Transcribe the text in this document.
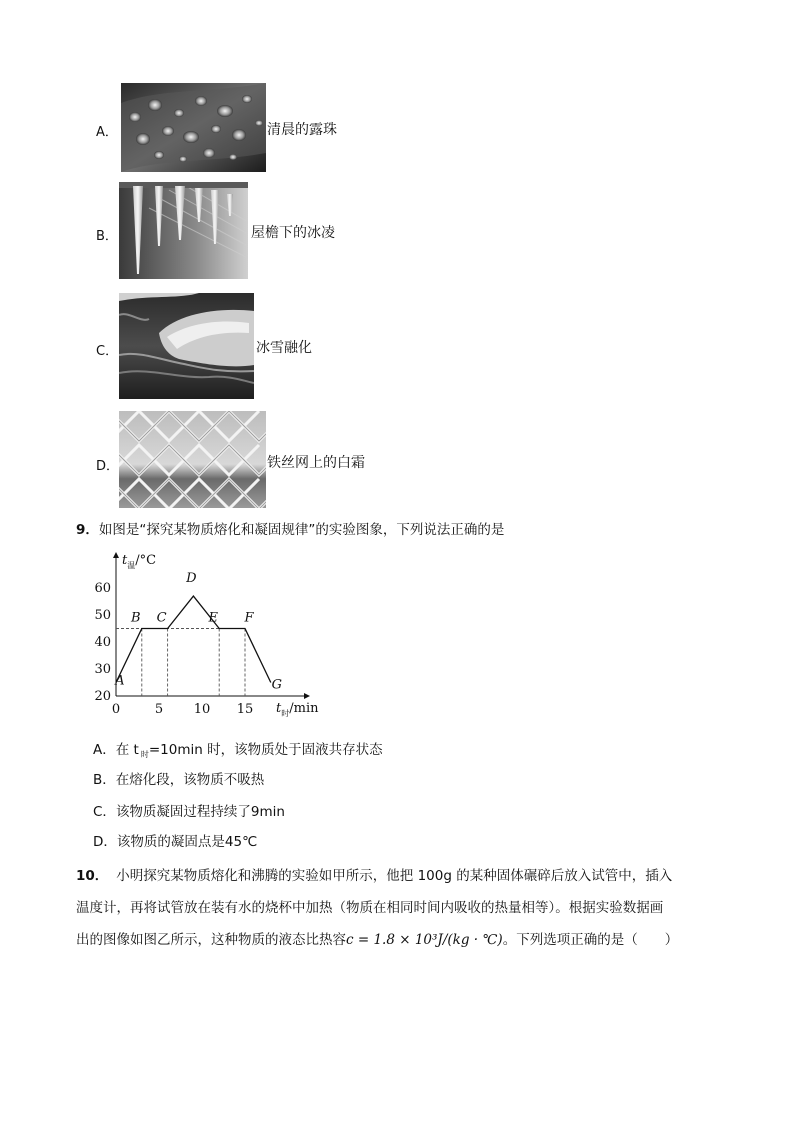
A．	清晨的露珠
B．	屋檐下的冰凌
C．	冰雪融化
D．	铁丝网上的白霜
9．如图是“探究某物质熔化和凝固规律”的实验图象，下列说法正确的是
$t_温/^\circ C$
$t_时/\min$
0	5 10 15
20
30
40
50
60
A
B C
D
E F
G
A．在 t $_时$=10min 时，该物质处于固液共存状态
B．在熔化段，该物质不吸热
C．该物质凝固过程持续了9min
D．该物质的凝固点是45℃
10． 小明探究某物质熔化和沸腾的实验如甲所示，他把 100g 的某种固体碾碎后放入试管中，插入
温度计，再将试管放在装有水的烧杯中加热（物质在相同时间内吸收的热量相等）。根据实验数据画
出的图像如图乙所示，这种物质的液态比热容c = 1.8 × 10³J/(kg · ℃)。下列选项正确的是（　　）
